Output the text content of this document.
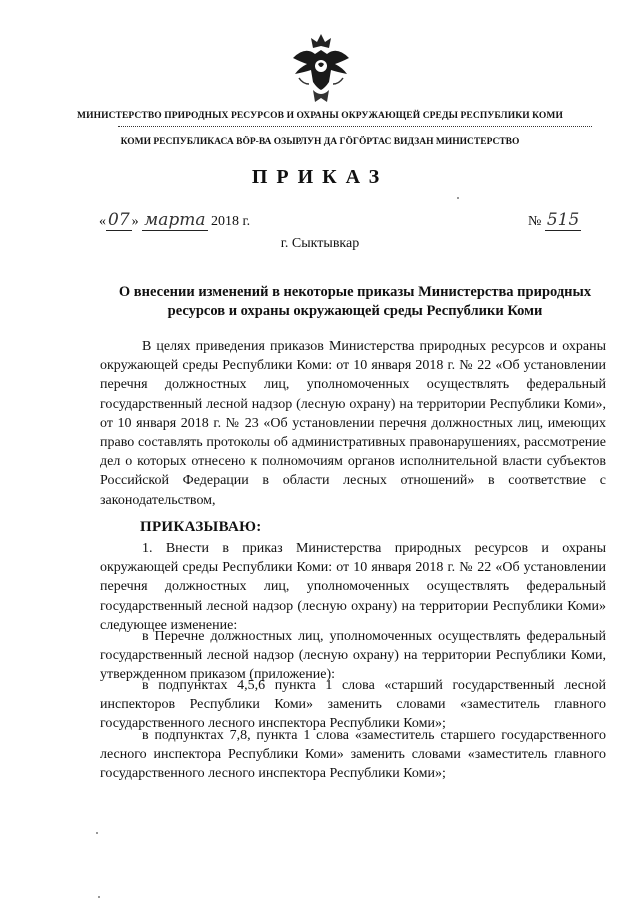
МИНИСТЕРСТВО ПРИРОДНЫХ РЕСУРСОВ И ОХРАНЫ ОКРУЖАЮЩЕЙ СРЕДЫ РЕСПУБЛИКИ КОМИ
КОМИ РЕСПУБЛИКАСА ВÖР-ВА ОЗЫРЛУН ДА ГÖГÖРТАС ВИДЗАН МИНИСТЕРСТВО
ПРИКАЗ
« 07 » марта 2018 г.	№ 515
г. Сыктывкар
О внесении изменений в некоторые приказы Министерства природных ресурсов и охраны окружающей среды Республики Коми

В целях приведения приказов Министерства природных ресурсов и охраны окружающей среды Республики Коми: от 10 января 2018 г. № 22 «Об установлении перечня должностных лиц, уполномоченных осуществлять федеральный государственный лесной надзор (лесную охрану) на территории Республики Коми», от 10 января 2018 г. № 23 «Об установлении перечня должностных лиц, имеющих право составлять протоколы об административных правонарушениях, рассмотрение дел о которых отнесено к полномочиям органов исполнительной власти субъектов Российской Федерации в области лесных отношений» в соответствие с законодательством,

ПРИКАЗЫВАЮ:

1. Внести в приказ Министерства природных ресурсов и охраны окружающей среды Республики Коми: от 10 января 2018 г. № 22 «Об установлении перечня должностных лиц, уполномоченных осуществлять федеральный государственный лесной надзор (лесную охрану) на территории Республики Коми» следующее изменение:

в Перечне должностных лиц, уполномоченных осуществлять федеральный государственный лесной надзор (лесную охрану) на территории Республики Коми, утвержденном приказом (приложение):

в подпунктах 4,5,6 пункта 1 слова «старший государственный лесной инспекторов Республики Коми» заменить словами «заместитель главного государственного лесного инспектора Республики Коми»;

в подпунктах 7,8, пункта 1 слова «заместитель старшего государственного лесного инспектора Республики Коми» заменить словами «заместитель главного государственного лесного инспектора Республики Коми»;
